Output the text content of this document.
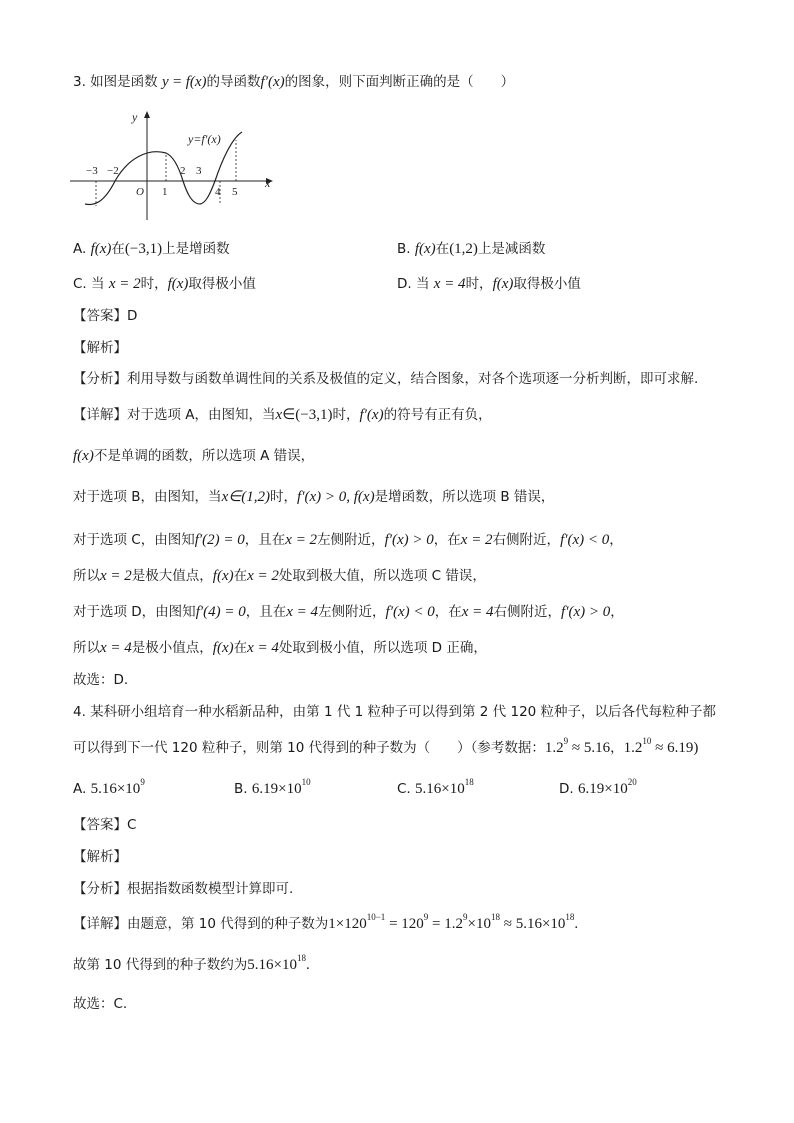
3. 如图是函数 y = f(x)的导函数f′(x)的图象，则下面判断正确的是（　　）
y
x
y=f′(x)
−3 −2
O 1
2 3
4 5
A. f(x)在(−3,1)上是增函数	B. f(x)在(1,2)上是减函数
C. 当 x = 2时，f(x)取得极小值	D. 当 x = 4时，f(x)取得极小值
【答案】D
【解析】
【分析】利用导数与函数单调性间的关系及极值的定义，结合图象，对各个选项逐一分析判断，即可求解.
【详解】对于选项 A，由图知，当x∈(−3,1)时，f′(x)的符号有正有负，
f(x)不是单调的函数，所以选项 A 错误，
对于选项 B，由图知，当x∈(1,2)时，f′(x) > 0, f(x)是增函数，所以选项 B 错误，
对于选项 C，由图知f′(2) = 0，且在x = 2左侧附近，f′(x) > 0，在x = 2右侧附近，f′(x) < 0，
所以x = 2是极大值点，f(x)在x = 2处取到极大值，所以选项 C 错误，
对于选项 D，由图知f′(4) = 0，且在x = 4左侧附近，f′(x) < 0，在x = 4右侧附近，f′(x) > 0，
所以x = 4是极小值点，f(x)在x = 4处取到极小值，所以选项 D 正确，
故选：D.
4. 某科研小组培育一种水稻新品种，由第 1 代 1 粒种子可以得到第 2 代 120 粒种子，以后各代每粒种子都
可以得到下一代 120 粒种子，则第 10 代得到的种子数为（　　）（参考数据：$1.2^9 \approx 5.16$，$1.2^{10} \approx 6.19$)
A. $5.16\times 10^9$	B. $6.19\times 10^{10}$	C. $5.16\times 10^{18}$	D. $6.19\times 10^{20}$
【答案】C
【解析】
【分析】根据指数函数模型计算即可.
【详解】由题意，第 10 代得到的种子数为$1\times 120^{10-1} = 120^9 = 1.2^9\times 10^{18} \approx 5.16\times 10^{18}$.
故第 10 代得到的种子数约为$5.16\times 10^{18}$.
故选：C.
